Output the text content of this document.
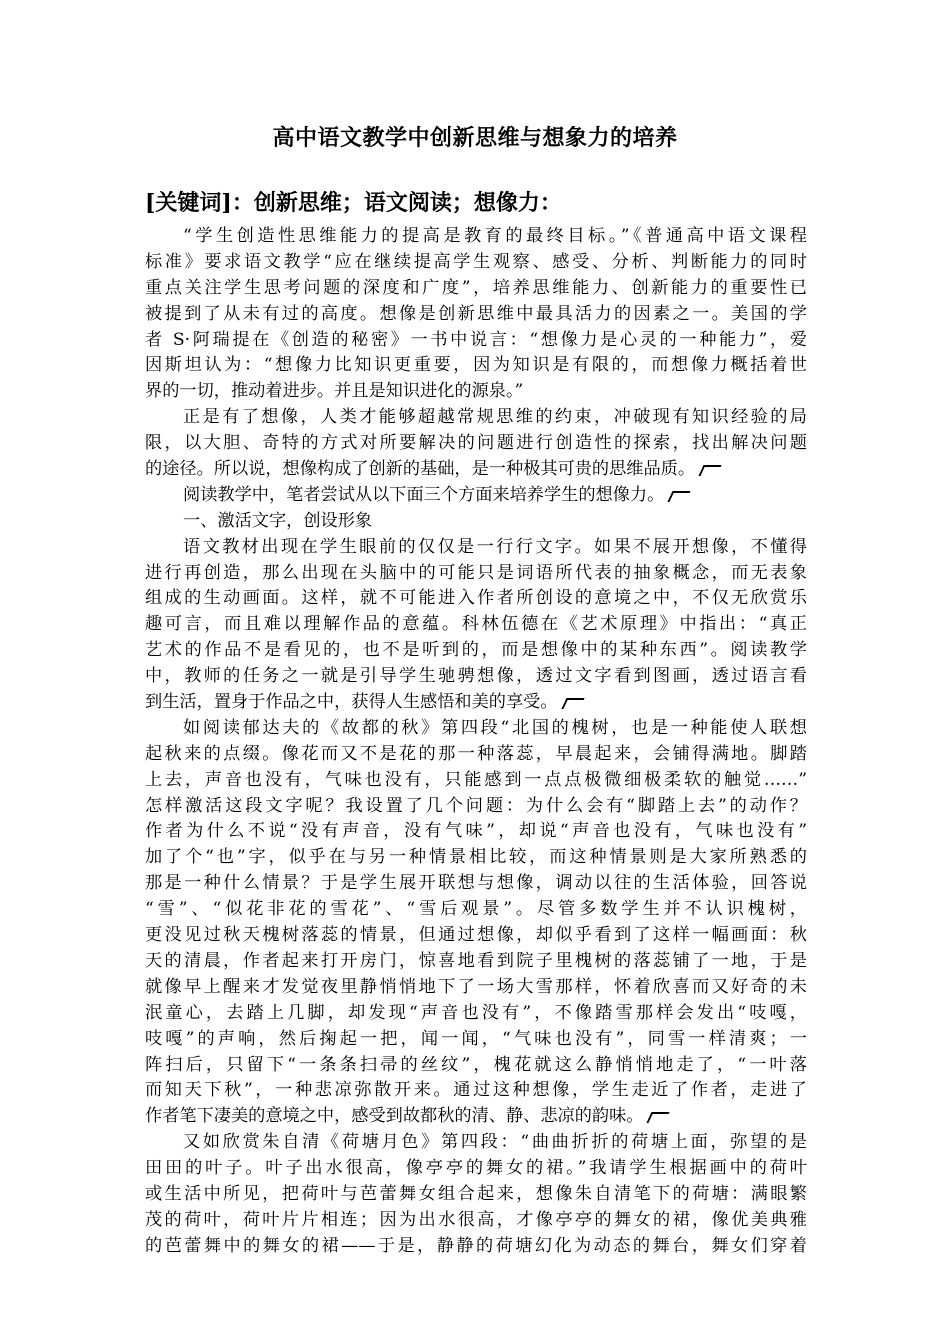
高中语文教学中创新思维与想象力的培养
[关键词]：创新思维；语文阅读；想像力：
“学生创造性思维能力的提高是教育的最终目标。”《普通高中语文课程
标准》要求语文教学“应在继续提高学生观察、感受、分析、判断能力的同时
重点关注学生思考问题的深度和广度”，培养思维能力、创新能力的重要性已
被提到了从未有过的高度。想像是创新思维中最具活力的因素之一。美国的学
者 S·阿瑞提在《创造的秘密》一书中说言：“想像力是心灵的一种能力”，爱
因斯坦认为：“想像力比知识更重要，因为知识是有限的，而想像力概括着世
界的一切，推动着进步。并且是知识进化的源泉。”
正是有了想像，人类才能够超越常规思维的约束，冲破现有知识经验的局
限，以大胆、奇特的方式对所要解决的问题进行创造性的探索，找出解决问题
的途径。所以说，想像构成了创新的基础，是一种极其可贵的思维品质。
阅读教学中，笔者尝试从以下面三个方面来培养学生的想像力。
一、激活文字，创设形象
语文教材出现在学生眼前的仅仅是一行行文字。如果不展开想像，不懂得
进行再创造，那么出现在头脑中的可能只是词语所代表的抽象概念，而无表象
组成的生动画面。这样，就不可能进入作者所创设的意境之中，不仅无欣赏乐
趣可言，而且难以理解作品的意蕴。科林伍德在《艺术原理》中指出：“真正
艺术的作品不是看见的，也不是听到的，而是想像中的某种东西”。阅读教学
中，教师的任务之一就是引导学生驰骋想像，透过文字看到图画，透过语言看
到生活，置身于作品之中，获得人生感悟和美的享受。
如阅读郁达夫的《故都的秋》第四段“北国的槐树，也是一种能使人联想
起秋来的点缀。像花而又不是花的那一种落蕊，早晨起来，会铺得满地。脚踏
上去，声音也没有，气味也没有，只能感到一点点极微细极柔软的触觉……”
怎样激活这段文字呢？我设置了几个问题：为什么会有“脚踏上去”的动作？
作者为什么不说“没有声音，没有气味”，却说“声音也没有，气味也没有”
加了个“也”字，似乎在与另一种情景相比较，而这种情景则是大家所熟悉的
那是一种什么情景？于是学生展开联想与想像，调动以往的生活体验，回答说
“雪”、“似花非花的雪花”、“雪后观景”。尽管多数学生并不认识槐树，
更没见过秋天槐树落蕊的情景，但通过想像，却似乎看到了这样一幅画面：秋
天的清晨，作者起来打开房门，惊喜地看到院子里槐树的落蕊铺了一地，于是
就像早上醒来才发觉夜里静悄悄地下了一场大雪那样，怀着欣喜而又好奇的未
泯童心，去踏上几脚，却发现“声音也没有”，不像踏雪那样会发出“吱嘎，
吱嘎”的声响，然后掬起一把，闻一闻，“气味也没有”，同雪一样清爽；一
阵扫后，只留下“一条条扫帚的丝纹”，槐花就这么静悄悄地走了，“一叶落
而知天下秋”，一种悲凉弥散开来。通过这种想像，学生走近了作者，走进了
作者笔下凄美的意境之中，感受到故都秋的清、静、悲凉的韵味。
又如欣赏朱自清《荷塘月色》第四段：“曲曲折折的荷塘上面，弥望的是
田田的叶子。叶子出水很高，像亭亭的舞女的裙。”我请学生根据画中的荷叶
或生活中所见，把荷叶与芭蕾舞女组合起来，想像朱自清笔下的荷塘：满眼繁
茂的荷叶，荷叶片片相连；因为出水很高，才像亭亭的舞女的裙，像优美典雅
的芭蕾舞中的舞女的裙——于是，静静的荷塘幻化为动态的舞台，舞女们穿着
